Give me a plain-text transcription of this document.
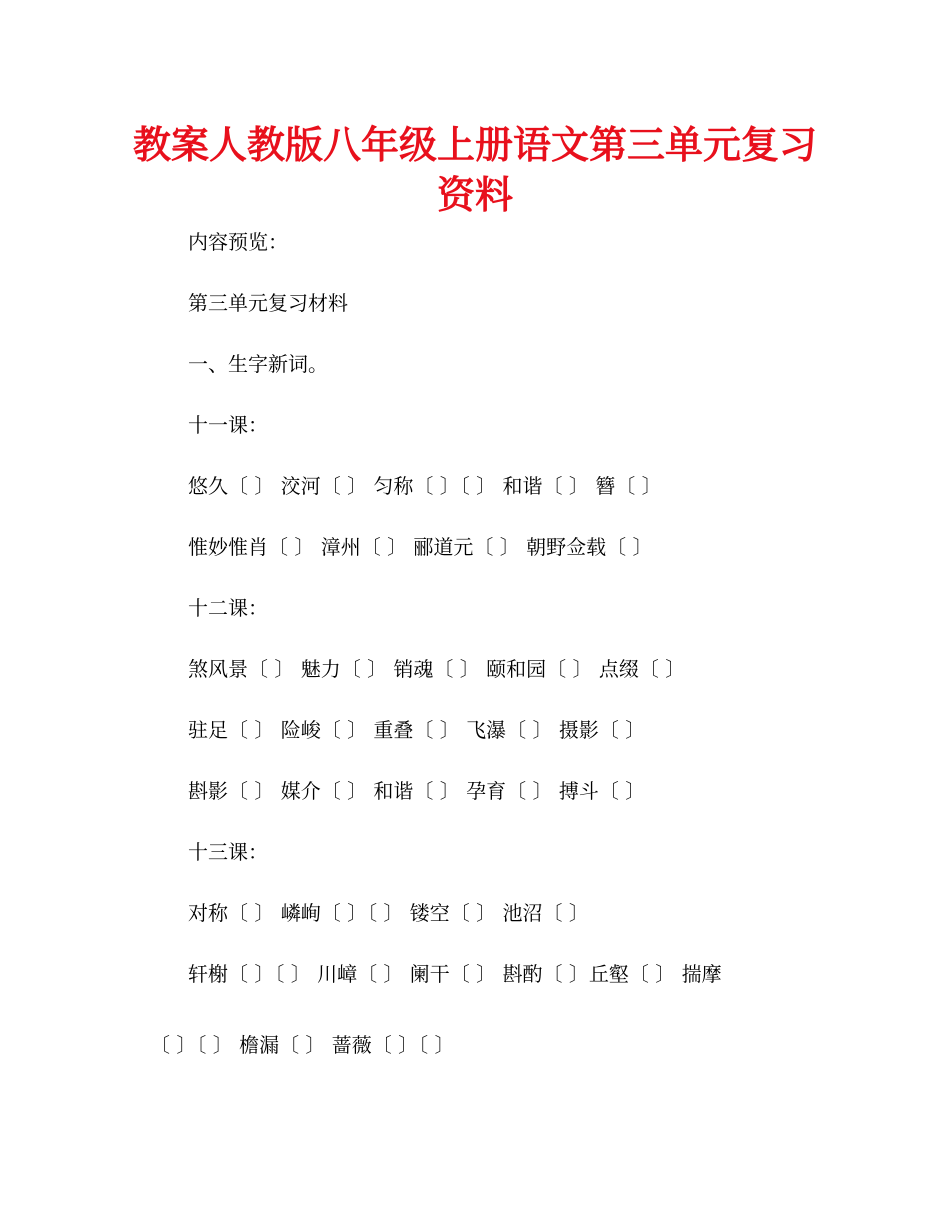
教案人教版八年级上册语文第三单元复习
资料

内容预览：

第三单元复习材料

一、生字新词。

十一课：

悠久〔 〕 洨河〔 〕 匀称〔 〕〔 〕 和谐〔 〕 簪〔 〕

惟妙惟肖〔 〕 漳州〔 〕 郦道元〔 〕 朝野佥载〔 〕

十二课：

煞风景〔 〕 魅力〔 〕 销魂〔 〕 颐和园〔 〕 点缀〔 〕

驻足〔 〕 险峻〔 〕 重叠〔 〕 飞瀑〔 〕 摄影〔 〕

斟影〔 〕 媒介〔 〕 和谐〔 〕 孕育〔 〕 搏斗〔 〕

十三课：

对称〔 〕 嶙峋〔 〕〔 〕 镂空〔 〕 池沼〔 〕

轩榭〔 〕〔 〕 川嶂〔 〕 阑干〔 〕 斟酌〔 〕丘壑〔 〕 揣摩

〔 〕〔 〕 檐漏〔 〕 蔷薇〔 〕〔 〕
